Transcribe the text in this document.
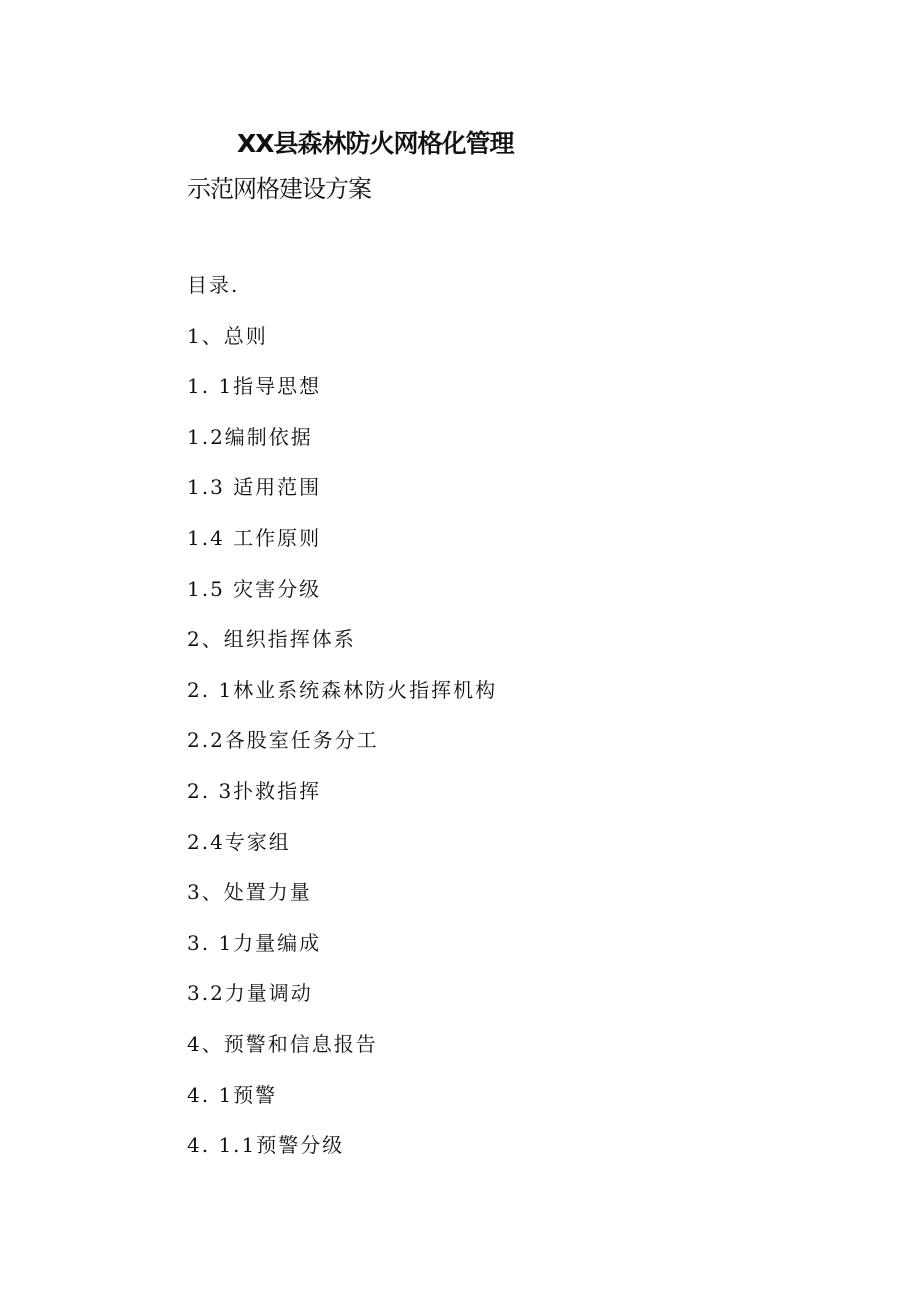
XX县森林防火网格化管理
示范网格建设方案
目录.
1、总则
1. 1指导思想
1.2编制依据
1.3 适用范围
1.4 工作原则
1.5 灾害分级
2、组织指挥体系
2. 1林业系统森林防火指挥机构
2.2各股室任务分工
2. 3扑救指挥
2.4专家组
3、处置力量
3. 1力量编成
3.2力量调动
4、预警和信息报告
4. 1预警
4. 1.1预警分级
